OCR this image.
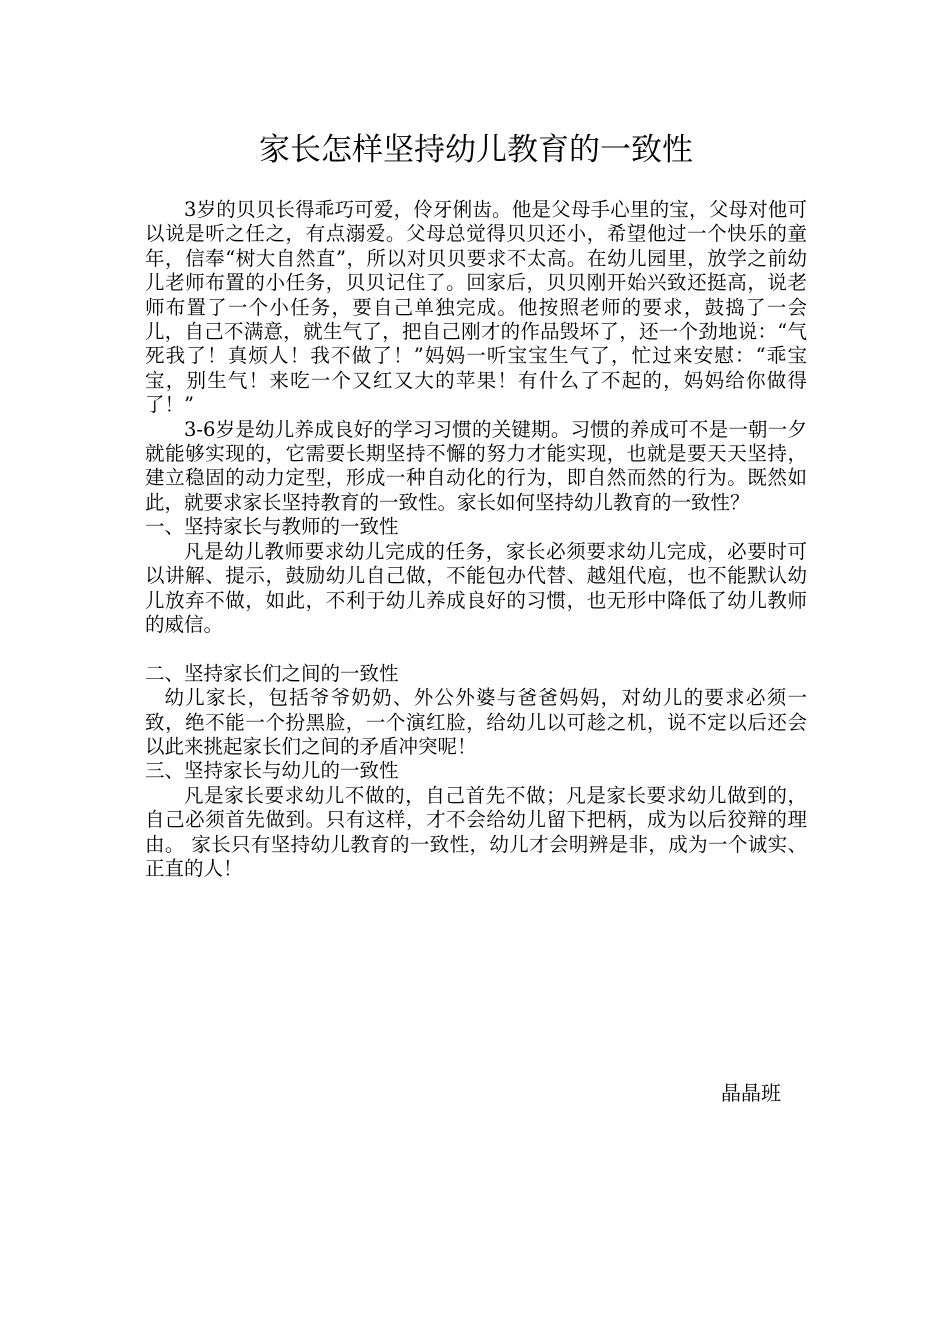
家长怎样坚持幼儿教育的一致性

3岁的贝贝长得乖巧可爱，伶牙俐齿。他是父母手心里的宝，父母对他可以说是听之任之，有点溺爱。父母总觉得贝贝还小，希望他过一个快乐的童年，信奉“树大自然直”，所以对贝贝要求不太高。在幼儿园里，放学之前幼儿老师布置的小任务，贝贝记住了。回家后，贝贝刚开始兴致还挺高，说老师布置了一个小任务，要自己单独完成。他按照老师的要求，鼓捣了一会儿，自己不满意，就生气了，把自己刚才的作品毁坏了，还一个劲地说：“气死我了！真烦人！我不做了！”妈妈一听宝宝生气了，忙过来安慰：“乖宝宝，别生气！来吃一个又红又大的苹果！有什么了不起的，妈妈给你做得了！”

3-6岁是幼儿养成良好的学习习惯的关键期。习惯的养成可不是一朝一夕就能够实现的，它需要长期坚持不懈的努力才能实现，也就是要天天坚持，建立稳固的动力定型，形成一种自动化的行为，即自然而然的行为。既然如此，就要求家长坚持教育的一致性。家长如何坚持幼儿教育的一致性？

一、坚持家长与教师的一致性

凡是幼儿教师要求幼儿完成的任务，家长必须要求幼儿完成，必要时可以讲解、提示，鼓励幼儿自己做，不能包办代替、越俎代庖，也不能默认幼儿放弃不做，如此，不利于幼儿养成良好的习惯，也无形中降低了幼儿教师的威信。

二、坚持家长们之间的一致性

幼儿家长，包括爷爷奶奶、外公外婆与爸爸妈妈，对幼儿的要求必须一致，绝不能一个扮黑脸，一个演红脸，给幼儿以可趁之机，说不定以后还会以此来挑起家长们之间的矛盾冲突呢！

三、坚持家长与幼儿的一致性

凡是家长要求幼儿不做的，自己首先不做；凡是家长要求幼儿做到的，自己必须首先做到。只有这样，才不会给幼儿留下把柄，成为以后狡辩的理由。 家长只有坚持幼儿教育的一致性，幼儿才会明辨是非，成为一个诚实、正直的人！

晶晶班
